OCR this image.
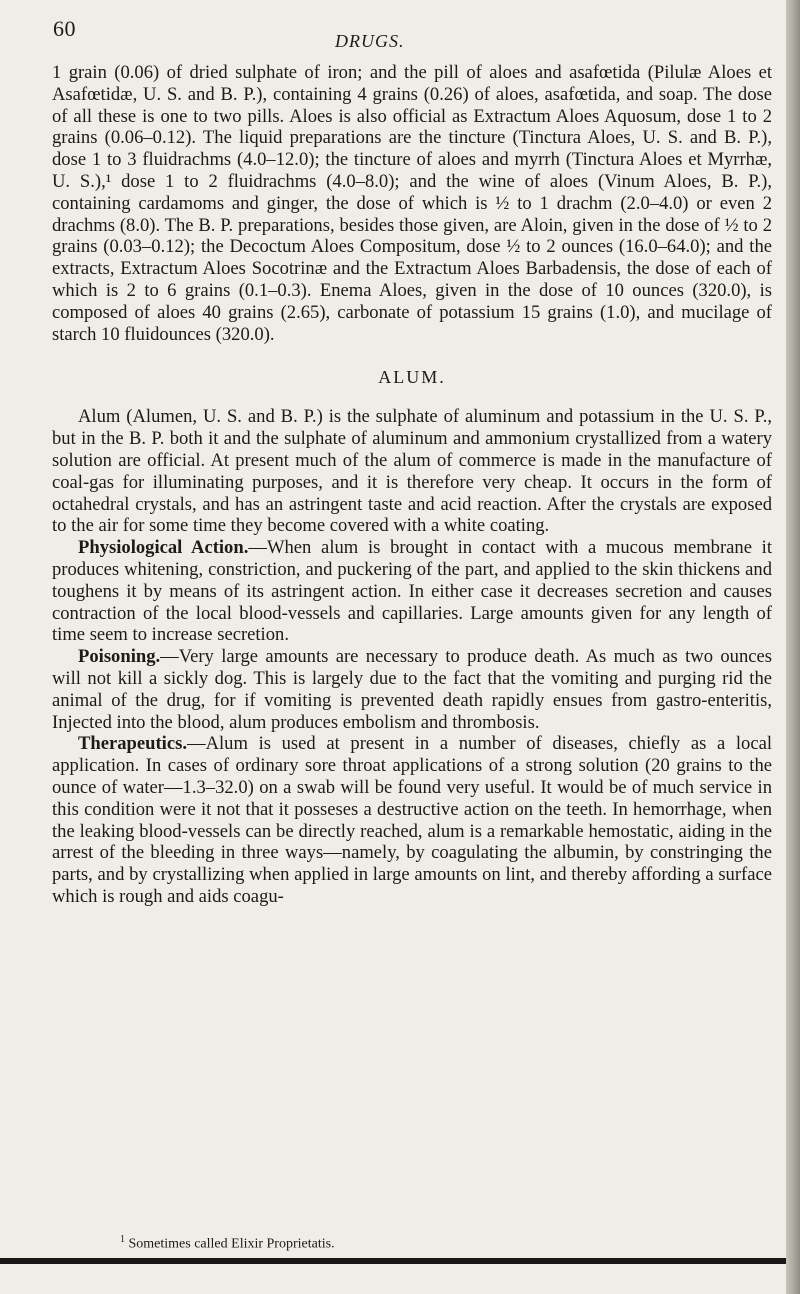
60	DRUGS.

1 grain (0.06) of dried sulphate of iron; and the pill of aloes and asafœtida (Pilulæ Aloes et Asafœtidæ, U. S. and B. P.), containing 4 grains (0.26) of aloes, asafœtida, and soap. The dose of all these is one to two pills. Aloes is also official as Extractum Aloes Aquosum, dose 1 to 2 grains (0.06–0.12). The liquid preparations are the tincture (Tinctura Aloes, U. S. and B. P.), dose 1 to 3 fluidrachms (4.0–12.0); the tincture of aloes and myrrh (Tinctura Aloes et Myrrhæ, U. S.),¹ dose 1 to 2 fluidrachms (4.0–8.0); and the wine of aloes (Vinum Aloes, B. P.), containing cardamoms and ginger, the dose of which is ½ to 1 drachm (2.0–4.0) or even 2 drachms (8.0). The B. P. preparations, besides those given, are Aloin, given in the dose of ½ to 2 grains (0.03–0.12); the Decoctum Aloes Compositum, dose ½ to 2 ounces (16.0–64.0); and the extracts, Extractum Aloes Socotrinæ and the Extractum Aloes Barbadensis, the dose of each of which is 2 to 6 grains (0.1–0.3). Enema Aloes, given in the dose of 10 ounces (320.0), is composed of aloes 40 grains (2.65), carbonate of potassium 15 grains (1.0), and mucilage of starch 10 fluidounces (320.0).

ALUM.

Alum (Alumen, U. S. and B. P.) is the sulphate of aluminum and potassium in the U. S. P., but in the B. P. both it and the sulphate of aluminum and ammonium crystallized from a watery solution are official. At present much of the alum of commerce is made in the manufacture of coal-gas for illuminating purposes, and it is therefore very cheap. It occurs in the form of octahedral crystals, and has an astringent taste and acid reaction. After the crystals are exposed to the air for some time they become covered with a white coating.

Physiological Action.—When alum is brought in contact with a mucous membrane it produces whitening, constriction, and puckering of the part, and applied to the skin thickens and toughens it by means of its astringent action. In either case it decreases secretion and causes contraction of the local blood-vessels and capillaries. Large amounts given for any length of time seem to increase secretion.

Poisoning.—Very large amounts are necessary to produce death. As much as two ounces will not kill a sickly dog. This is largely due to the fact that the vomiting and purging rid the animal of the drug, for if vomiting is prevented death rapidly ensues from gastro-enteritis, Injected into the blood, alum produces embolism and thrombosis.

Therapeutics.—Alum is used at present in a number of diseases, chiefly as a local application. In cases of ordinary sore throat applications of a strong solution (20 grains to the ounce of water—1.3–32.0) on a swab will be found very useful. It would be of much service in this condition were it not that it posseses a destructive action on the teeth. In hemorrhage, when the leaking blood-vessels can be directly reached, alum is a remarkable hemostatic, aiding in the arrest of the bleeding in three ways—namely, by coagulating the albumin, by constringing the parts, and by crystallizing when applied in large amounts on lint, and thereby affording a surface which is rough and aids coagu-

$^1$ Sometimes called Elixir Proprietatis.
